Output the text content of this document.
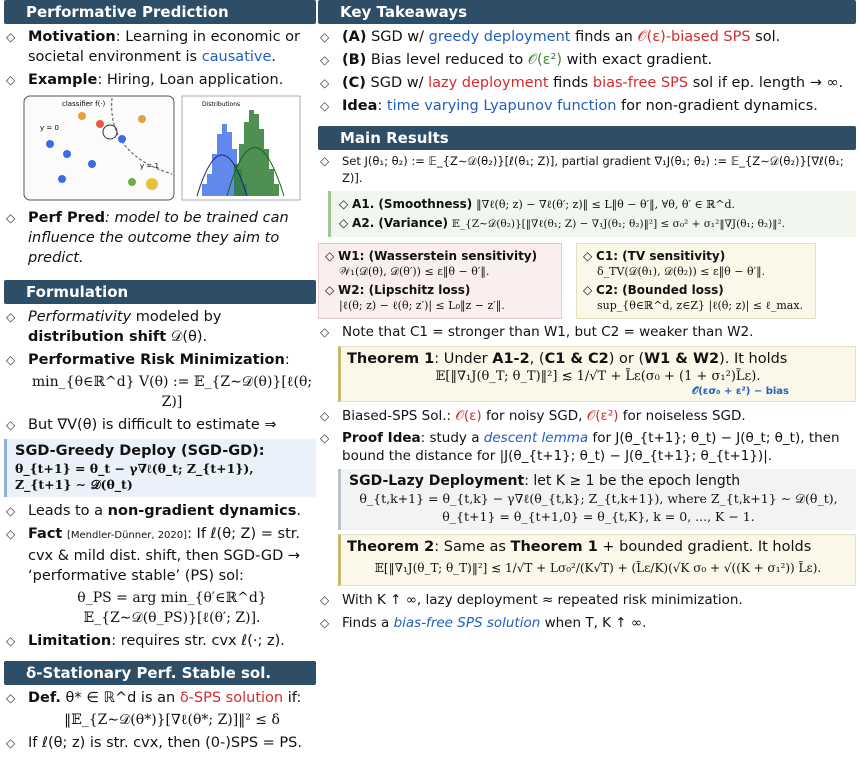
Performative Prediction
◇ Motivation: Learning in economic or societal environment is causative.
◇ Example: Hiring, Loan application.
classifier f(·)
y = 0
y = 1
Distributions
◇ Perf Pred: model to be trained can influence the outcome they aim to predict.
Formulation
◇ Performativity modeled by distribution shift 𝒟(θ).
◇ Performative Risk Minimization:
min_{θ∈ℝ^d} V(θ) := 𝔼_{Z∼𝒟(θ)}[ℓ(θ; Z)]
◇ But ∇V(θ) is difficult to estimate ⇒
SGD-Greedy Deploy (SGD-GD):
θ_{t+1} = θ_t − γ∇ℓ(θ_t; Z_{t+1}), Z_{t+1} ∼ 𝒟(θ_t)
◇ Leads to a non-gradient dynamics.
◇ Fact [Mendler-Dünner, 2020]: If ℓ(θ; Z) = str. cvx & mild dist. shift, then SGD-GD → ‘performative stable’ (PS) sol:
θ_PS = arg min_{θ′∈ℝ^d} 𝔼_{Z∼𝒟(θ_PS)}[ℓ(θ′; Z)].
◇ Limitation: requires str. cvx ℓ(·; z).
δ-Stationary Perf. Stable sol.
◇ Def. θ* ∈ ℝ^d is an δ-SPS solution if:
‖𝔼_{Z∼𝒟(θ*)}[∇ℓ(θ*; Z)]‖² ≤ δ
◇ If ℓ(θ; z) is str. cvx, then (0-)SPS = PS.
Key Takeaways
◇ (A) SGD w/ greedy deployment finds an 𝒪(ε)-biased SPS sol.
◇ (B) Bias level reduced to 𝒪(ε²) with exact gradient.
◇ (C) SGD w/ lazy deployment finds bias-free SPS sol if ep. length → ∞.
◇ Idea: time varying Lyapunov function for non-gradient dynamics.
Main Results
◇ Set J(θ₁; θ₂) := 𝔼_{Z∼𝒟(θ₂)}[ℓ(θ₁; Z)], partial gradient ∇₁J(θ₁; θ₂) := 𝔼_{Z∼𝒟(θ₂)}[∇ℓ(θ₁; Z)].
◇ A1. (Smoothness) ‖∇ℓ(θ; z) − ∇ℓ(θ′; z)‖ ≤ L‖θ − θ′‖, ∀θ, θ′ ∈ ℝ^d.
◇ A2. (Variance) 𝔼_{Z∼𝒟(θ₂)}[‖∇ℓ(θ₁; Z) − ∇₁J(θ₁; θ₂)‖²] ≤ σ₀² + σ₁²‖∇J(θ₁; θ₂)‖².
◇ W1: (Wasserstein sensitivity)
𝒲₁(𝒟(θ), 𝒟(θ′)) ≤ ε‖θ − θ′‖.
◇ W2: (Lipschitz loss)
|ℓ(θ; z) − ℓ(θ; z′)| ≤ L₀‖z − z′‖.
◇ C1: (TV sensitivity)
δ_TV(𝒟(θ₁), 𝒟(θ₂)) ≤ ε‖θ − θ′‖.
◇ C2: (Bounded loss)
sup_{θ∈ℝ^d, z∈Z} |ℓ(θ; z)| ≤ ℓ_max.
◇ Note that C1 = stronger than W1, but C2 = weaker than W2.
Theorem 1: Under A1-2, (C1 & C2) or (W1 & W2). It holds
𝔼[‖∇₁J(θ_T; θ_T)‖²] ≲ 1/√T + L̃ε(σ₀ + (1 + σ₁²)L̃ε).
𝒪(εσ₀ + ε²) − bias
◇ Biased-SPS Sol.: 𝒪(ε) for noisy SGD, 𝒪(ε²) for noiseless SGD.
◇ Proof Idea: study a descent lemma for J(θ_{t+1}; θ_t) − J(θ_t; θ_t), then bound the distance for |J(θ_{t+1}; θ_t) − J(θ_{t+1}; θ_{t+1})|.
SGD-Lazy Deployment: let K ≥ 1 be the epoch length
θ_{t,k+1} = θ_{t,k} − γ∇ℓ(θ_{t,k}; Z_{t,k+1}), where Z_{t,k+1} ∼ 𝒟(θ_t),
θ_{t+1} = θ_{t+1,0} = θ_{t,K}, k = 0, ..., K − 1.
Theorem 2: Same as Theorem 1 + bounded gradient. It holds
𝔼[‖∇₁J(θ_T; θ_T)‖²] ≲ 1/√T + Lσ₀²/(K√T) + (L̃ε/K)(√K σ₀ + √((K + σ₁²)) L̃ε).
◇ With K ↑ ∞, lazy deployment ≈ repeated risk minimization.
◇ Finds a bias-free SPS solution when T, K ↑ ∞.
